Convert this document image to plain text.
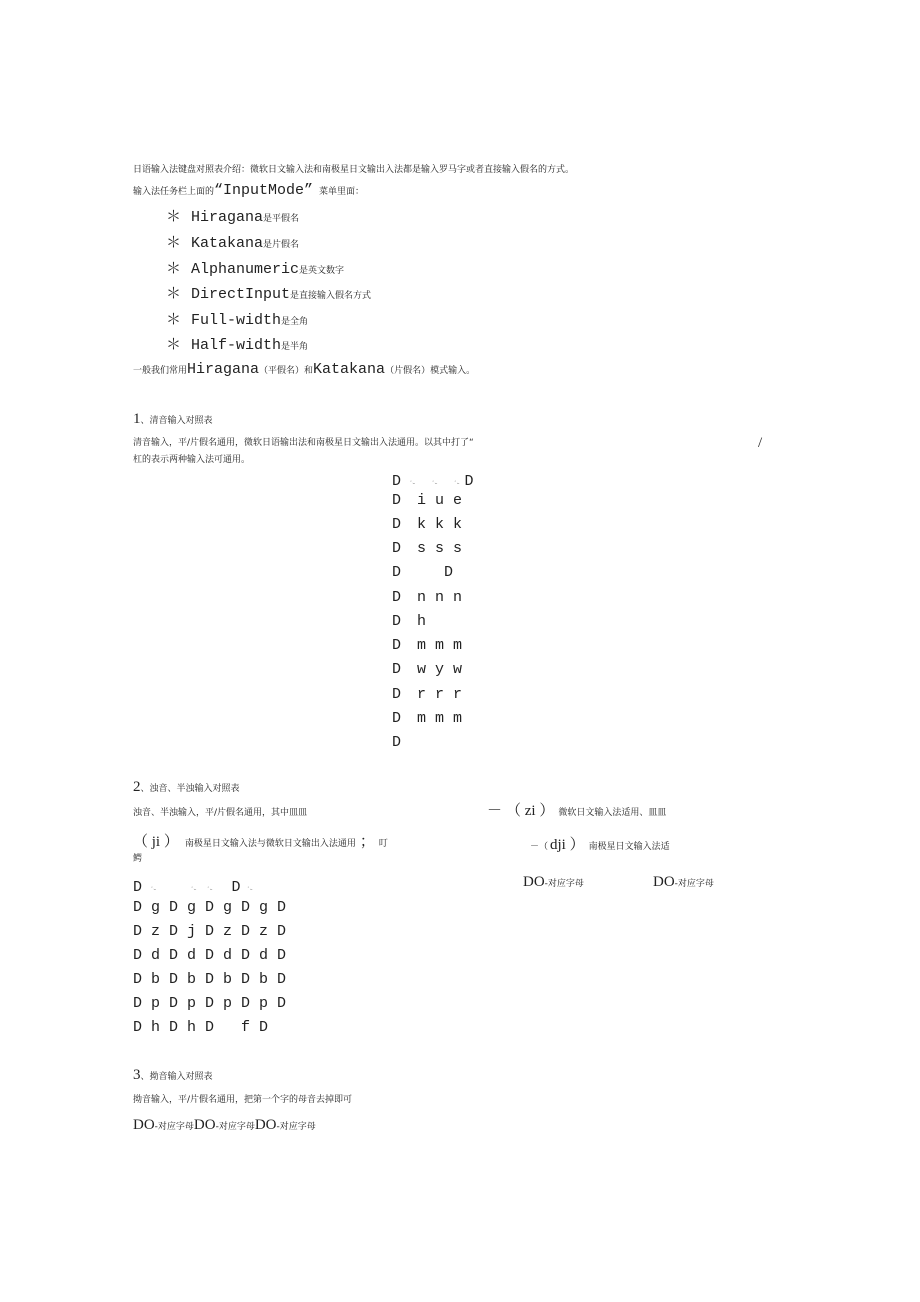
日语输入法键盘对照表介绍：微软日文输入法和南极星日文输出入法都是输入罗马字或者直接输入假名的方式。
输入法任务栏上面的 “InputMode” 菜单里面：
＊ Hiragana 是平假名
＊ Katakana 是片假名
＊ Alphanumeric 是英文数字
＊ DirectInput 是直接输入假名方式
＊ Full-width 是全角
＊ Half-width 是半角
一般我们常用 Hiragana （平假名）和 Katakana （片假名）模式输入。
1 、清音输入对照表
清音输入，平/片假名通用，微软日语输出法和南极星日文输出入法通用。以其中打了“	/
杠的表示两种输入法可通用。
D ﾞｰ	ﾞｰ	ﾞｰ D
D i u e
D k k k
D s s s
D   D
D n n n
D h
D m m m
D w y w
D r r r
D m m m
D
2 、浊音、半浊输入对照表
浊音、半浊输入，平/片假名通用，其中皿皿	－ （ zi ） 微软日文输入法适用、皿皿
（ ji ） 南极星日文输入法与微软日文输出入法通用 ； 叮
鳄
－（ dji ） 南极星日文输入法适
D ﾞｰ	ﾞｰ ﾞｰ D ﾞｰ	DO -对应字母	DO -对应字母
D g D g D g D g D
D z D j D z D z D
D d D d D d D d D
D b D b D b D b D
D p D p D p D p D
D h D h D   f D
3 、拗音输入对照表
拗音输入，平/片假名通用，把第一个字的母音去掉即可
DO -对应字母 DO -对应字母 DO -对应字母
